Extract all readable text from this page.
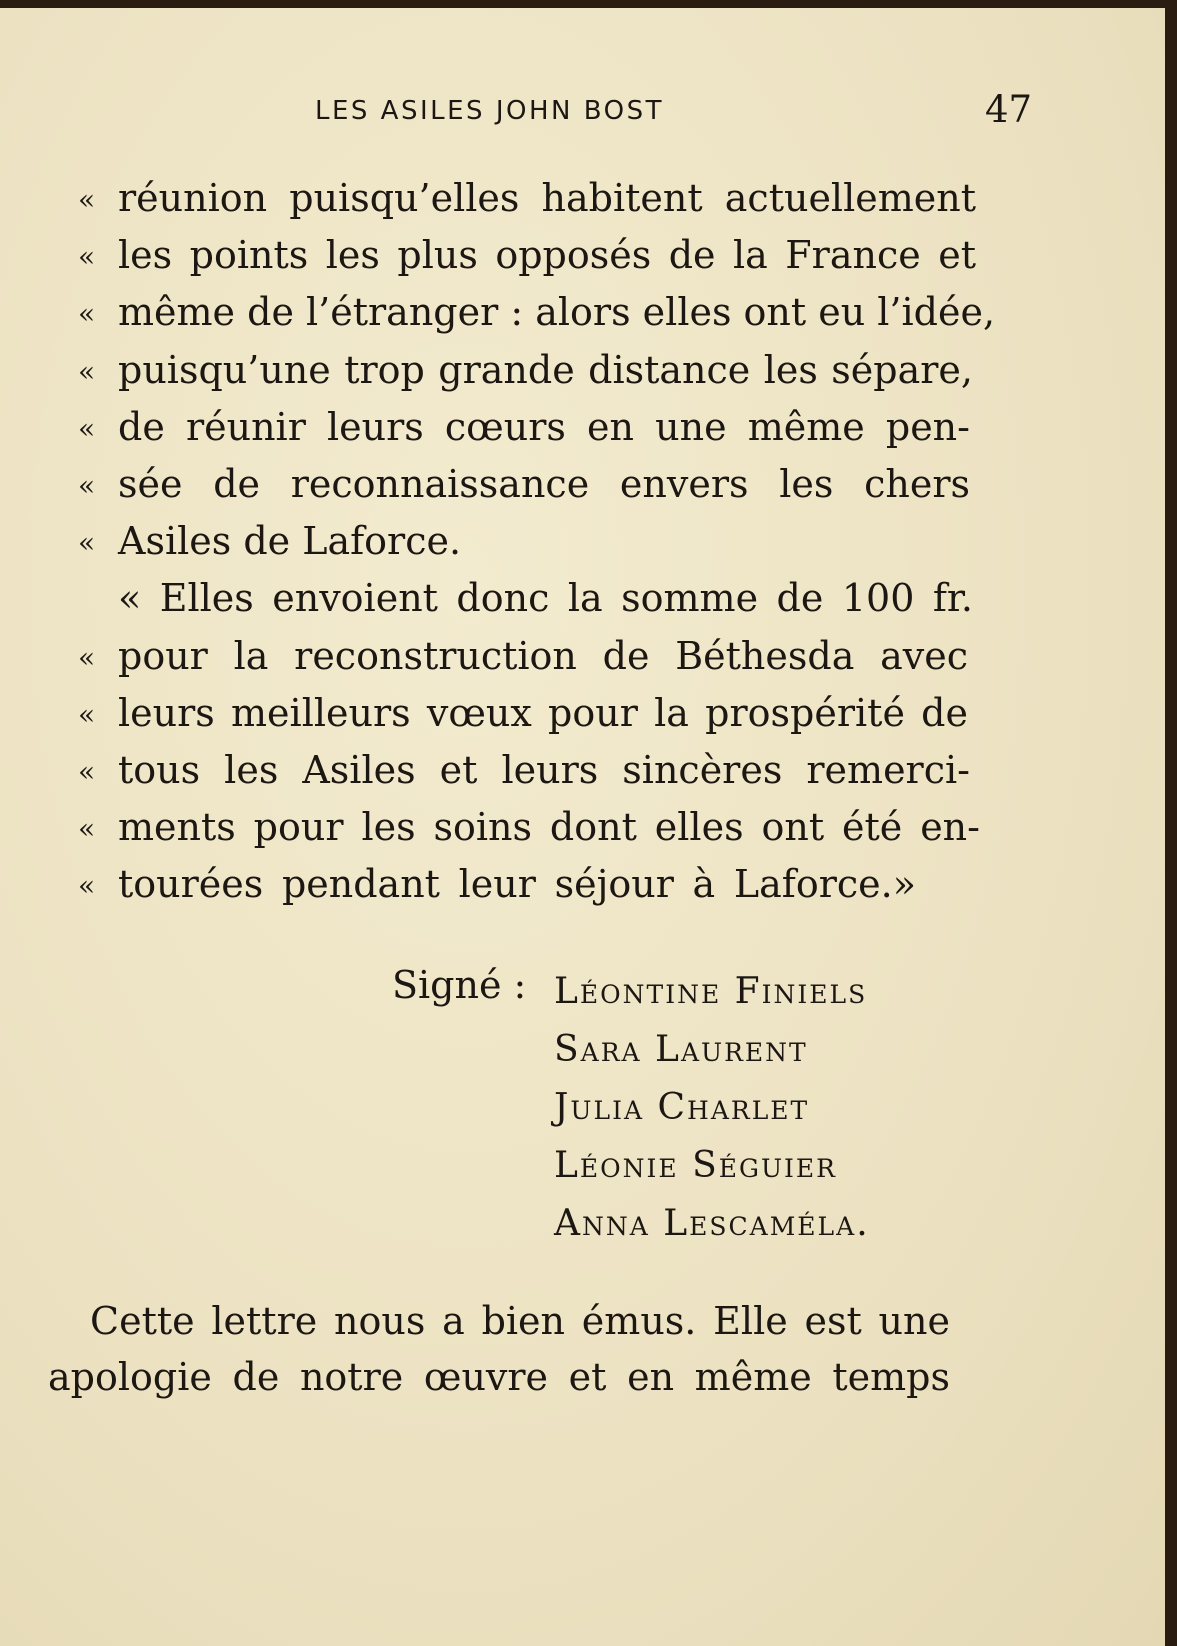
LES ASILES JOHN BOST	47
« réunion puisqu’elles habitent actuellement
« les points les plus opposés de la France et
« même de l’étranger : alors elles ont eu l’idée,
« puisqu’une trop grande distance les sépare,
« de réunir leurs cœurs en une même pen-
« sée de reconnaissance envers les chers
« Asiles de Laforce.
« Elles envoient donc la somme de 100 fr.
« pour la reconstruction de Béthesda avec
« leurs meilleurs vœux pour la prospérité de
« tous les Asiles et leurs sincères remerci-
« ments pour les soins dont elles ont été en-
« tourées pendant leur séjour à Laforce.»
Signé : Léontine Finiels
Sara Laurent
Julia Charlet
Léonie Séguier
Anna Lescaméla.
Cette lettre nous a bien émus. Elle est une
apologie de notre œuvre et en même temps
